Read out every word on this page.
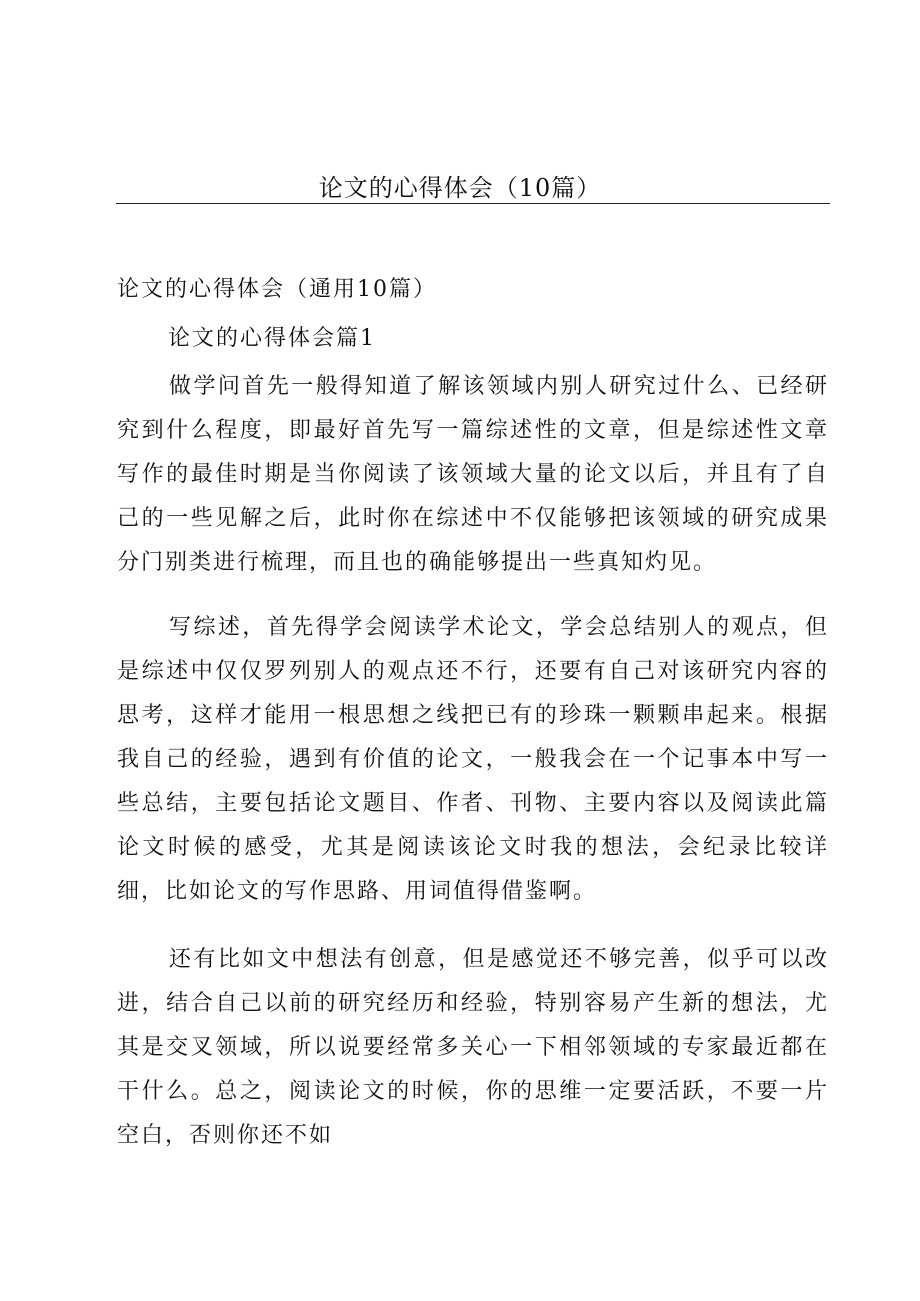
论文的心得体会（10篇）
论文的心得体会（通用10篇）
论文的心得体会篇1

做学问首先一般得知道了解该领域内别人研究过什么、已经研究到什么程度，即最好首先写一篇综述性的文章，但是综述性文章写作的最佳时期是当你阅读了该领域大量的论文以后，并且有了自己的一些见解之后，此时你在综述中不仅能够把该领域的研究成果分门别类进行梳理，而且也的确能够提出一些真知灼见。

写综述，首先得学会阅读学术论文，学会总结别人的观点，但是综述中仅仅罗列别人的观点还不行，还要有自己对该研究内容的思考，这样才能用一根思想之线把已有的珍珠一颗颗串起来。根据我自己的经验，遇到有价值的论文，一般我会在一个记事本中写一些总结，主要包括论文题目、作者、刊物、主要内容以及阅读此篇论文时候的感受，尤其是阅读该论文时我的想法，会纪录比较详细，比如论文的写作思路、用词值得借鉴啊。

还有比如文中想法有创意，但是感觉还不够完善，似乎可以改进，结合自己以前的研究经历和经验，特别容易产生新的想法，尤其是交叉领域，所以说要经常多关心一下相邻领域的专家最近都在干什么。总之，阅读论文的时候，你的思维一定要活跃，不要一片空白，否则你还不如
